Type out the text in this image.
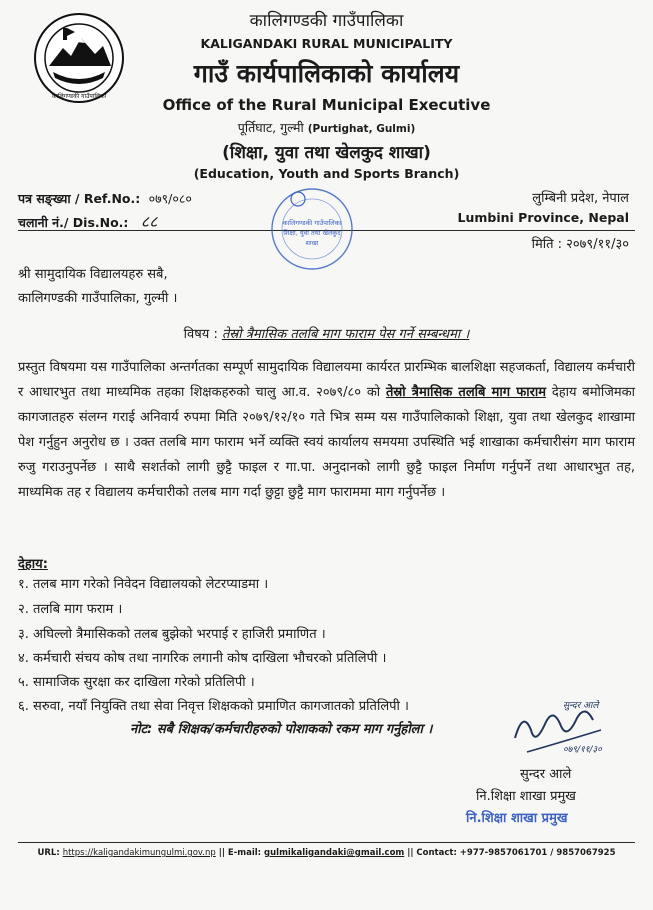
कालिगण्डकी गाउँपालिका
कालिगण्डकी गाउँपालिका
KALIGANDAKI RURAL MUNICIPALITY
गाउँ कार्यपालिकाको कार्यालय
Office of the Rural Municipal Executive
पूर्तिघाट, गुल्मी (Purtighat, Gulmi)
(शिक्षा, युवा तथा खेलकुद शाखा)
(Education, Youth and Sports Branch)
पत्र सङ्ख्या / Ref.No.: ०७९/०८०
चलानी नं./ Dis.No.: ८८
लुम्बिनी प्रदेश, नेपाल
Lumbini Province, Nepal
मिति : २०७९/११/३०
कालिगण्डकी गाउँपालिका
शिक्षा, युवा तथा खेलकुद
शाखा
श्री सामुदायिक विद्यालयहरु सबै,
कालिगण्डकी गाउँपालिका, गुल्मी ।
विषय : तेस्रो त्रैमासिक तलबि माग फाराम पेस गर्ने सम्बन्धमा ।
प्रस्तुत विषयमा यस गाउँपालिका अन्तर्गतका सम्पूर्ण सामुदायिक विद्यालयमा कार्यरत प्रारम्भिक बालशिक्षा सहजकर्ता, विद्यालय कर्मचारी र आधारभुत तथा माध्यमिक तहका शिक्षकहरुको चालु आ.व. २०७९/८० को तेस्रो त्रैमासिक तलबि माग फाराम देहाय बमोजिमका कागजातहरु संलग्न गराई अनिवार्य रुपमा मिति २०७९/१२/१० गते भित्र सम्म यस गाउँपालिकाको शिक्षा, युवा तथा खेलकुद शाखामा पेश गर्नुहुन अनुरोध छ । उक्त तलबि माग फाराम भर्ने व्यक्ति स्वयं कार्यालय समयमा उपस्थिति भई शाखाका कर्मचारीसंग माग फाराम रुजु गराउनुपर्नेछ । साथै सशर्तको लागी छुट्टै फाइल र गा.पा. अनुदानको लागी छुट्टै फाइल निर्माण गर्नुपर्ने तथा आधारभुत तह, माध्यमिक तह र विद्यालय कर्मचारीको तलब माग गर्दा छुट्टा छुट्टै माग फाराममा माग गर्नुपर्नेछ ।
देहाय:
१. तलब माग गरेको निवेदन विद्यालयको लेटरप्याडमा ।
२. तलबि माग फराम ।
३. अघिल्लो त्रैमासिकको तलब बुझेको भरपाई र हाजिरी प्रमाणित ।
४. कर्मचारी संचय कोष तथा नागरिक लगानी कोष दाखिला भौचरको प्रतिलिपी ।
५. सामाजिक सुरक्षा कर दाखिला गरेको प्रतिलिपी ।
६. सरुवा, नयाँ नियुक्ति तथा सेवा निवृत्त शिक्षकको प्रमाणित कागजातको प्रतिलिपी ।
नोट: सबै शिक्षक/कर्मचारीहरुको पोशाकको रकम माग गर्नुहोला ।
सुन्दर आले
०७९/११/३०
सुन्दर आले
नि.शिक्षा शाखा प्रमुख
नि.शिक्षा शाखा प्रमुख
URL: https://kaligandakimungulmi.gov.np || E-mail: gulmikaligandaki@gmail.com || Contact: +977-9857061701 / 9857067925
